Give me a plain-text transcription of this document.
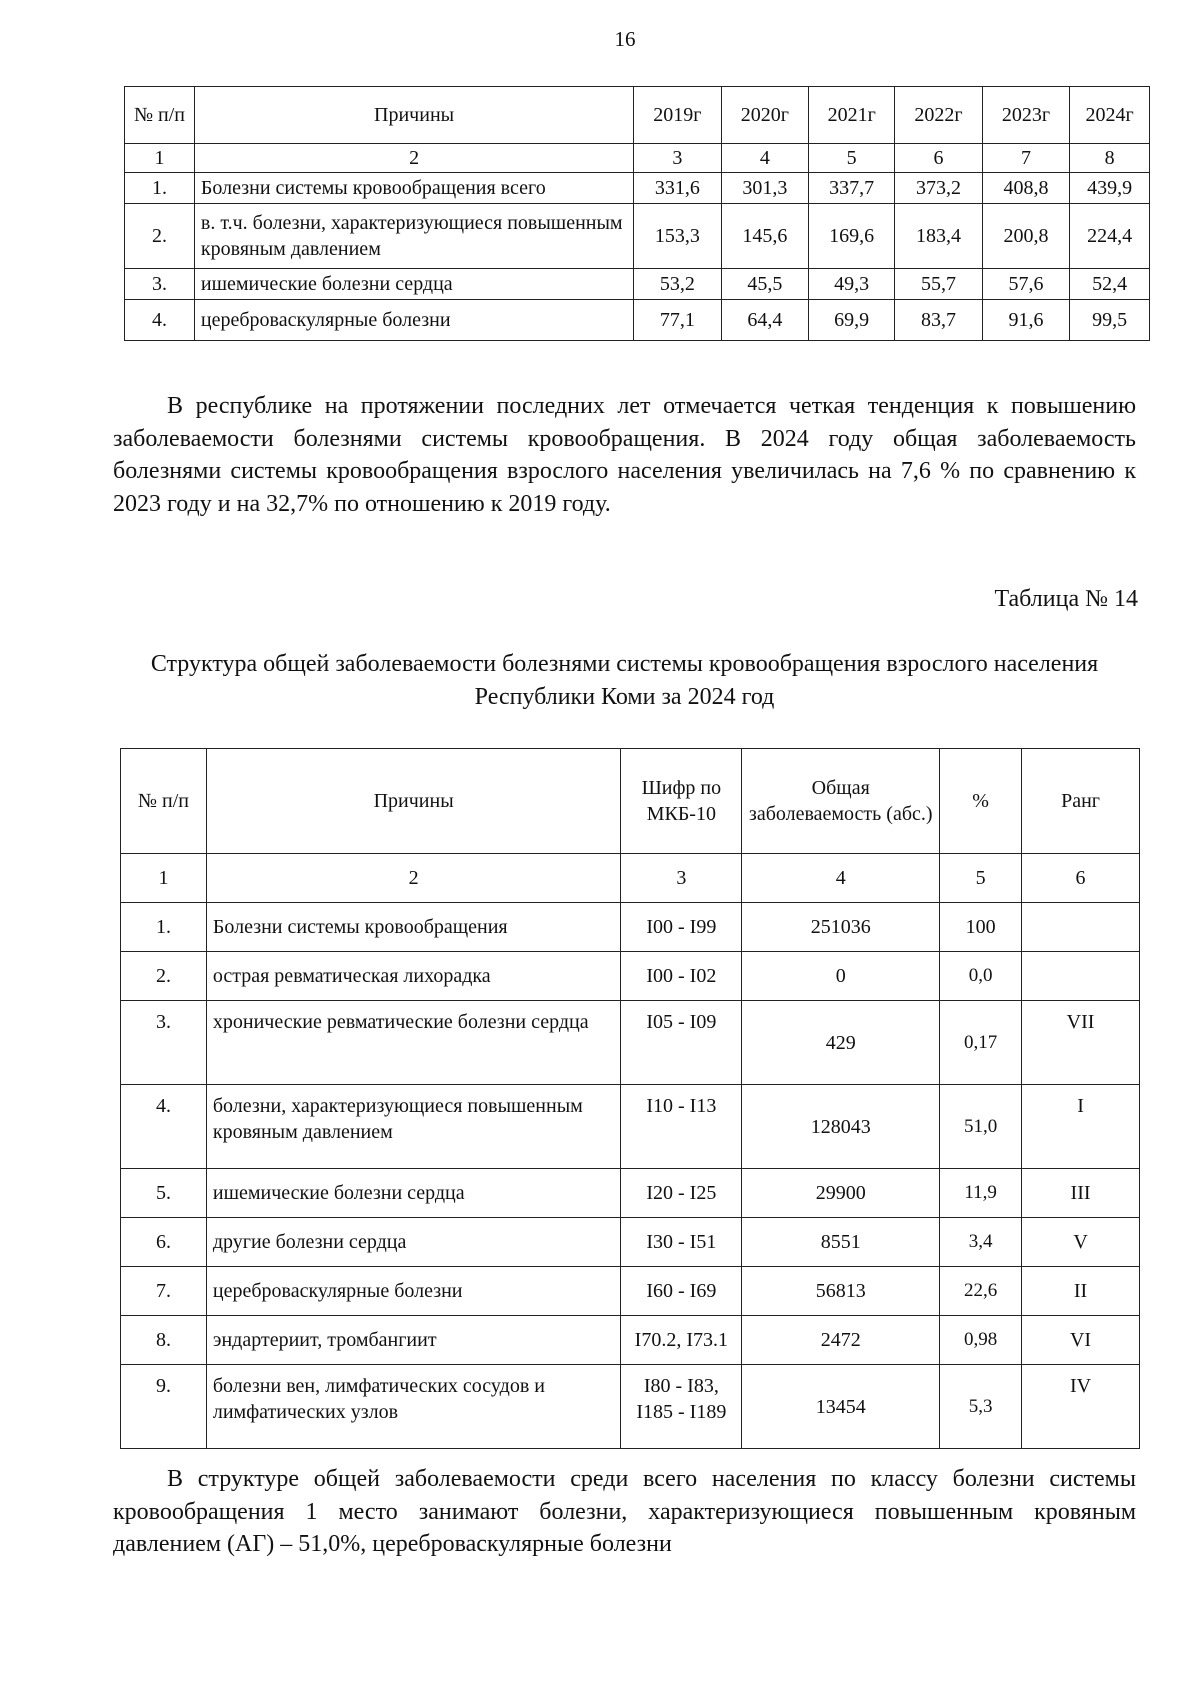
16
№ п/п	Причины	2019г	2020г	2021г	2022г	2023г	2024г
1	2	3	4	5	6	7	8
1.	Болезни системы кровообращения всего	331,6	301,3	337,7	373,2	408,8	439,9
2.	в. т.ч. болезни, характеризующиеся повышенным кровяным давлением	153,3	145,6	169,6	183,4	200,8	224,4
3.	ишемические болезни сердца	53,2	45,5	49,3	55,7	57,6	52,4
4.	цереброваскулярные болезни	77,1	64,4	69,9	83,7	91,6	99,5
В республике на протяжении последних лет отмечается четкая тенденция к повышению заболеваемости болезнями системы кровообращения. В 2024 году общая заболеваемость болезнями системы кровообращения взрослого населения увеличилась на 7,6 % по сравнению к 2023 году и на 32,7% по отношению к 2019 году.
Таблица № 14
Структура общей заболеваемости болезнями системы кровообращения взрослого населения Республики Коми за 2024 год
№ п/п	Причины	Шифр по МКБ-10	Общая заболеваемость (абс.)	%	Ранг
1	2	3	4	5	6
1.	Болезни системы кровообращения	I00 - I99	251036	100	
2.	острая ревматическая лихорадка	I00 - I02	0	0,0	
3.	хронические ревматические болезни сердца	I05 - I09	429	0,17	VII
4.	болезни, характеризующиеся повышенным кровяным давлением	I10 - I13	128043	51,0	I
5.	ишемические болезни сердца	I20 - I25	29900	11,9	III
6.	другие болезни сердца	I30 - I51	8551	3,4	V
7.	цереброваскулярные болезни	I60 - I69	56813	22,6	II
8.	эндартериит, тромбангиит	I70.2, I73.1	2472	0,98	VI
9.	болезни вен, лимфатических сосудов и лимфатических узлов	I80 - I83, I185 - I189	13454	5,3	IV
В структуре общей заболеваемости среди всего населения по классу болезни системы кровообращения 1 место занимают болезни, характеризующиеся повышенным кровяным давлением (АГ) – 51,0%, цереброваскулярные болезни
